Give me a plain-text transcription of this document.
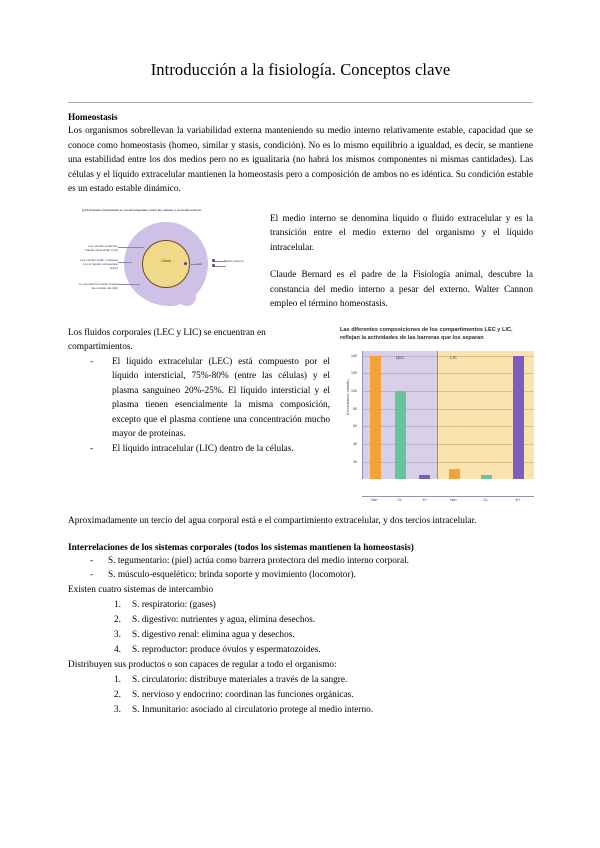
Introducción a la fisiología. Conceptos clave
Homeostasis

Los organismos sobrellevan la variabilidad externa manteniendo su medio interno relativamente estable, capacidad que se conoce como homeostasis (homeo, similar y stasis, condición). No es lo mismo equilibrio a igualdad, es decir, se mantiene una estabilidad entre los dos medios pero no es igualitaria (no habrá los mismos componentes ni mismas cantidades). Las células y el líquido extracelular mantienen la homeostasis pero a composición de ambos no es idéntica. Su condición estable es un estado estable dinámico.

(a) El líquido extracelular es un amortiguador entre las células y el medio externo
Célula
Las células contienen líquido intracelular (LIC)
Las células están rodeadas por el líquido extracelular (LEC)
La membrana celular separa las células del LEC
LEC
Medio externo

El medio interno se denomina líquido o fluido extracelular y es la transición entre el medio externo del organismo y el líquido intracelular.

Claude Bernard es el padre de la Fisiología animal, descubre la constancia del medio interno a pesar del externo. Walter Cannon empleo el término homeostasis.

Los fluidos corporales (LEC y LIC) se encuentran en compartimientos.

- El líquido extracelular (LEC) está compuesto por el líquido intersticial, 75%-80% (entre las células) y el plasma sanguíneo 20%-25%. El líquido intersticial y el plasma tienen esencialmente la misma composición, excepto que el plasma contiene una concentración mucho mayor de proteínas.
- El líquido intracelular (LIC) dentro de la células.
Las diferentes composiciones de los compartimentos LEC y LIC, reflejan la actividades de las barreras que los separan
Concentración (mmol/L)
20
40
60
80
100
120
140	LEC	LIC
Na+	Cl-	K+	Na+	Cl-	K+

Aproximadamente un tercio del agua corporal está e el compartimiento extracelular, y dos tercios intracelular.

Interrelaciones de los sistemas corporales (todos los sistemas mantienen la homeostasis)
- S. tegumentario: (piel) actúa como barrera protectora del medio interno corporal.
- S. músculo-esquelético: brinda soporte y movimiento (locomotor).

Existen cuatro sistemas de intercambio

S. respiratorio: (gases)
S. digestivo: nutrientes y agua, elimina desechos.
S. digestivo renal: elimina agua y desechos.
S. reproductor: produce óvulos y espermatozoides.

Distribuyen sus productos o son capaces de regular a todo el organismo:

S. circulatorio: distribuye materiales a través de la sangre.
S. nervioso y endocrino: coordinan las funciones orgánicas.
S. Inmunitario: asociado al circulatorio protege al medio interno.
